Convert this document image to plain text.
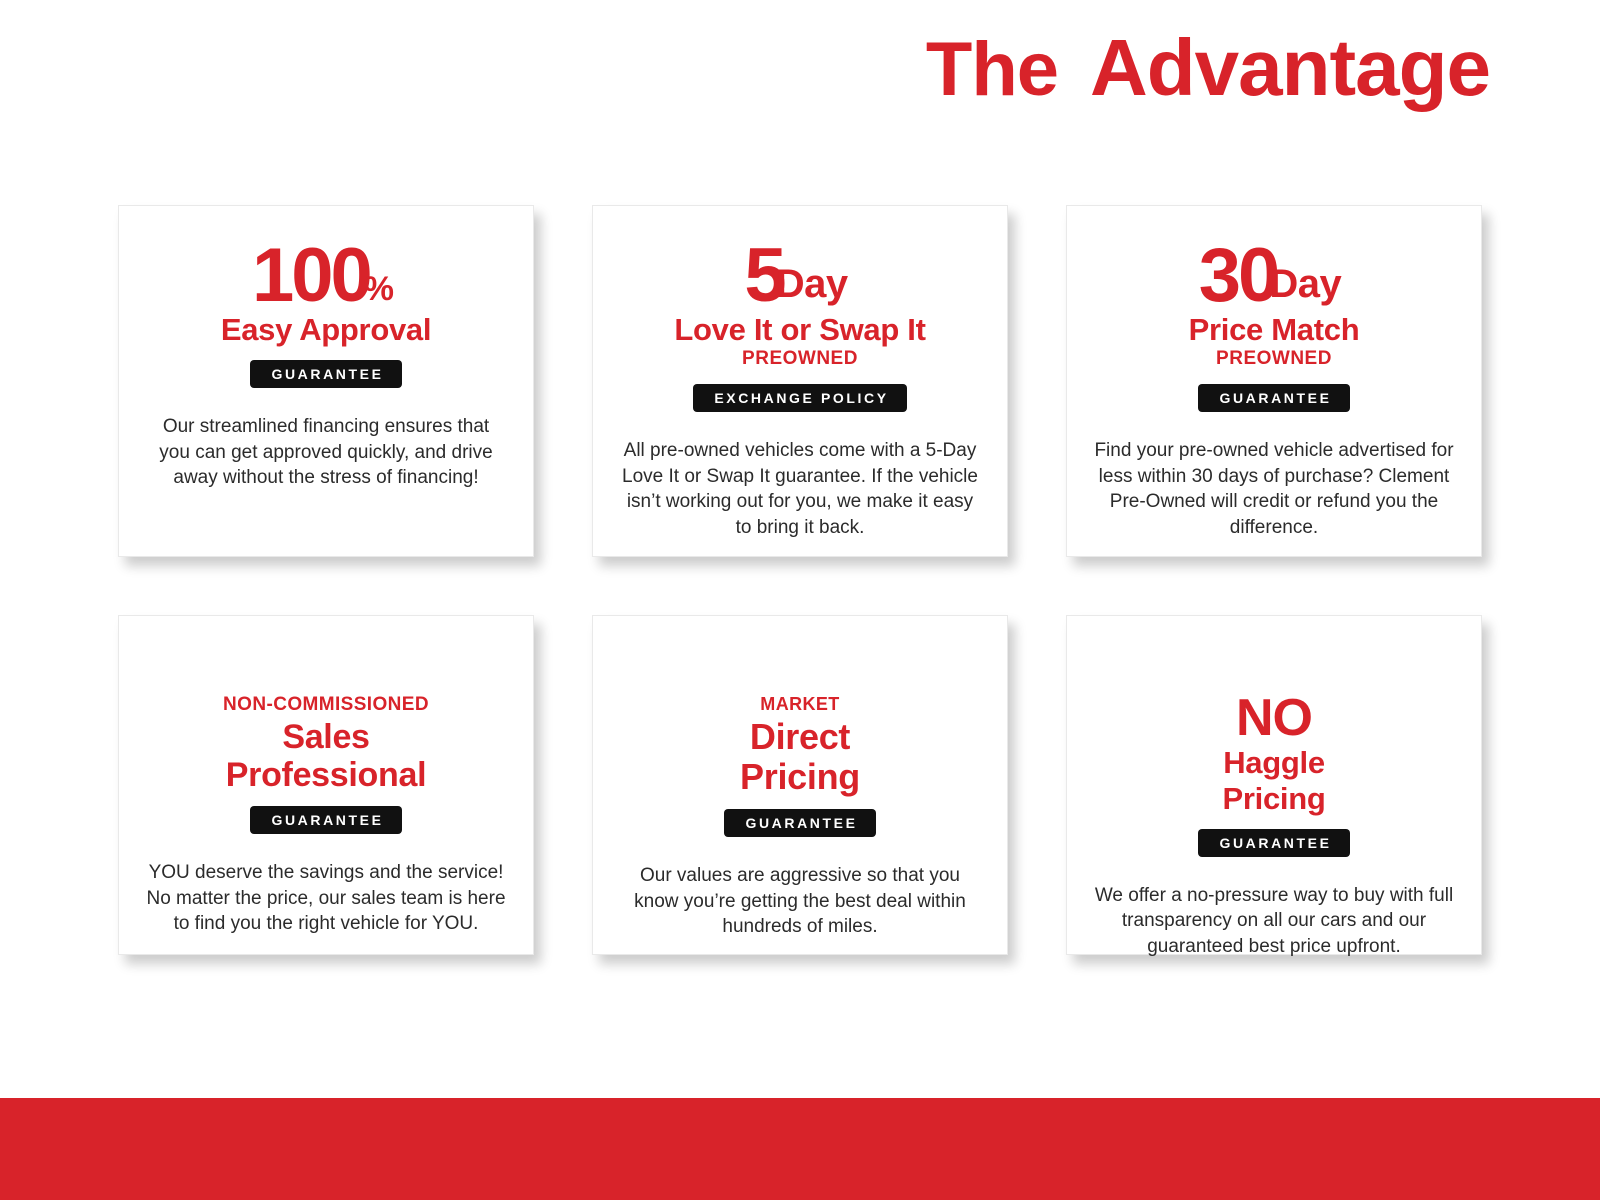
The Advantage
100
%
Easy Approval
GUARANTEE
Our streamlined financing ensures that you can get approved quickly, and drive away without the stress of financing!
5
Day
Love It or Swap It
PREOWNED
EXCHANGE POLICY
All pre-owned vehicles come with a 5-Day Love It or Swap It guarantee. If the vehicle isn’t working out for you, we make it easy to bring it back.
30
Day
Price Match
PREOWNED
GUARANTEE
Find your pre-owned vehicle advertised for less within 30 days of purchase? Clement Pre-Owned will credit or refund you the difference.
NON-COMMISSIONED
Sales
Professional
GUARANTEE
YOU deserve the savings and the service! No matter the price, our sales team is here to find you the right vehicle for YOU.
MARKET
Direct
Pricing
GUARANTEE
Our values are aggressive so that you know you’re getting the best deal within hundreds of miles.
NO
Haggle
Pricing
GUARANTEE
We offer a no-pressure way to buy with full transparency on all our cars and our guaranteed best price upfront.
